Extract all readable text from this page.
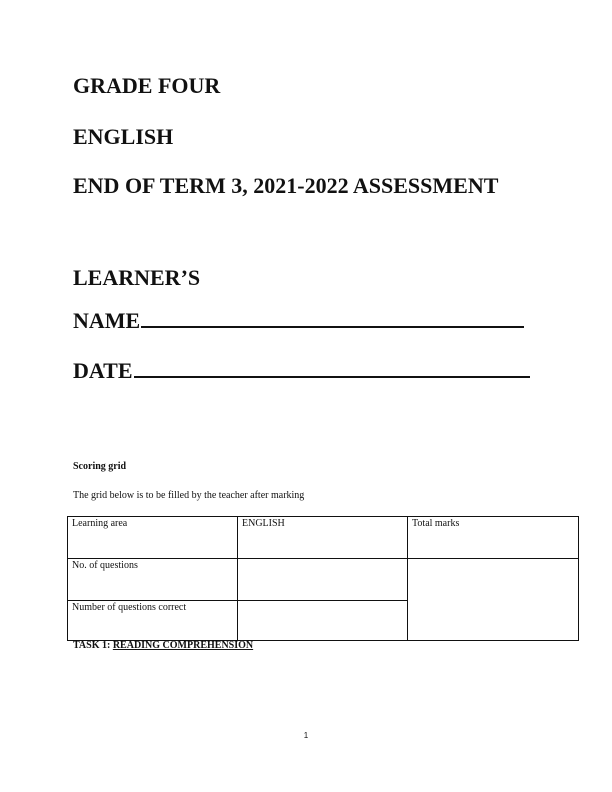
GRADE FOUR
ENGLISH
END OF TERM 3, 2021-2022 ASSESSMENT
LEARNER’S
NAME
DATE

Scoring grid

The grid below is to be filled by the teacher after marking

Learning area	ENGLISH	Total marks
No. of questions		
Number of questions correct		

TASK 1: READING COMPREHENSION

1
